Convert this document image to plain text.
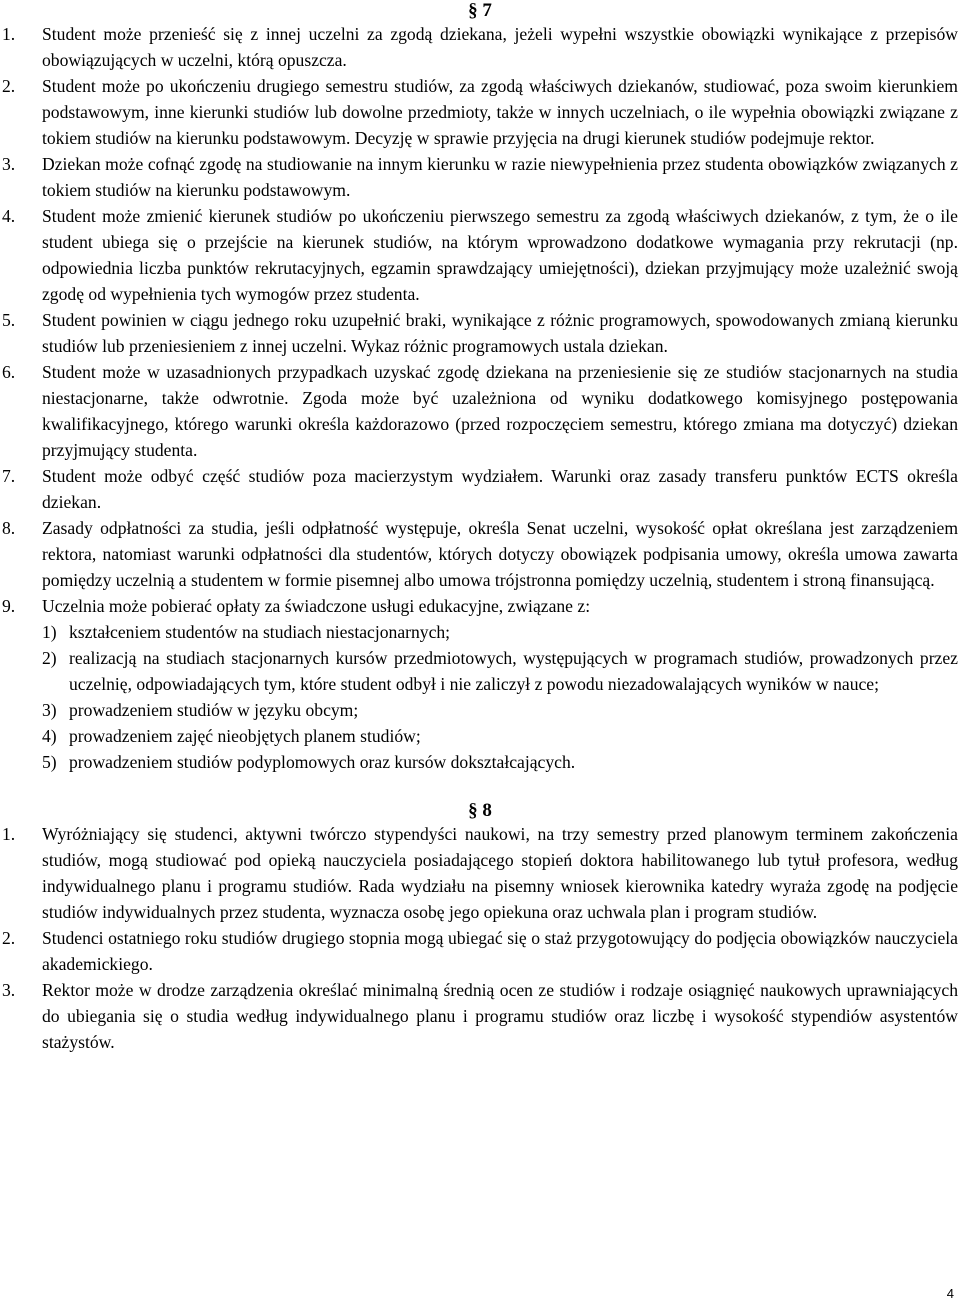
§ 7
1. Student może przenieść się z innej uczelni za zgodą dziekana, jeżeli wypełni wszystkie obowiązki wynikające z przepisów obowiązujących w uczelni, którą opuszcza.
2. Student może po ukończeniu drugiego semestru studiów, za zgodą właściwych dziekanów, studiować, poza swoim kierunkiem podstawowym, inne kierunki studiów lub dowolne przedmioty, także w innych uczelniach, o ile wypełnia obowiązki związane z tokiem studiów na kierunku podstawowym. Decyzję w sprawie przyjęcia na drugi kierunek studiów podejmuje rektor.
3. Dziekan może cofnąć zgodę na studiowanie na innym kierunku w razie niewypełnienia przez studenta obowiązków związanych z tokiem studiów na kierunku podstawowym.
4. Student może zmienić kierunek studiów po ukończeniu pierwszego semestru za zgodą właściwych dziekanów, z tym, że o ile student ubiega się o przejście na kierunek studiów, na którym wprowadzono dodatkowe wymagania przy rekrutacji (np. odpowiednia liczba punktów rekrutacyjnych, egzamin sprawdzający umiejętności), dziekan przyjmujący może uzależnić swoją zgodę od wypełnienia tych wymogów przez studenta.
5. Student powinien w ciągu jednego roku uzupełnić braki, wynikające z różnic programowych, spowodowanych zmianą kierunku studiów lub przeniesieniem z innej uczelni. Wykaz różnic programowych ustala dziekan.
6. Student może w uzasadnionych przypadkach uzyskać zgodę dziekana na przeniesienie się ze studiów stacjonarnych na studia niestacjonarne, także odwrotnie. Zgoda może być uzależniona od wyniku dodatkowego komisyjnego postępowania kwalifikacyjnego, którego warunki określa każdorazowo (przed rozpoczęciem semestru, którego zmiana ma dotyczyć) dziekan przyjmujący studenta.
7. Student może odbyć część studiów poza macierzystym wydziałem. Warunki oraz zasady transferu punktów ECTS określa dziekan.
8. Zasady odpłatności za studia, jeśli odpłatność występuje, określa Senat uczelni, wysokość opłat określana jest zarządzeniem rektora, natomiast warunki odpłatności dla studentów, których dotyczy obowiązek podpisania umowy, określa umowa zawarta pomiędzy uczelnią a studentem w formie pisemnej albo umowa trójstronna pomiędzy uczelnią, studentem i stroną finansującą.
9. Uczelnia może pobierać opłaty za świadczone usługi edukacyjne, związane z:
1) kształceniem studentów na studiach niestacjonarnych;
2) realizacją na studiach stacjonarnych kursów przedmiotowych, występujących w programach studiów, prowadzonych przez uczelnię, odpowiadających tym, które student odbył i nie zaliczył z powodu niezadowalających wyników w nauce;
3) prowadzeniem studiów w języku obcym;
4) prowadzeniem zajęć nieobjętych planem studiów;
5) prowadzeniem studiów podyplomowych oraz kursów dokształcających.
§ 8
1. Wyróżniający się studenci, aktywni twórczo stypendyści naukowi, na trzy semestry przed planowym terminem zakończenia studiów, mogą studiować pod opieką nauczyciela posiadającego stopień doktora habilitowanego lub tytuł profesora, według indywidualnego planu i programu studiów. Rada wydziału na pisemny wniosek kierownika katedry wyraża zgodę na podjęcie studiów indywidualnych przez studenta, wyznacza osobę jego opiekuna oraz uchwala plan i program studiów.
2. Studenci ostatniego roku studiów drugiego stopnia mogą ubiegać się o staż przygotowujący do podjęcia obowiązków nauczyciela akademickiego.
3. Rektor może w drodze zarządzenia określać minimalną średnią ocen ze studiów i rodzaje osiągnięć naukowych uprawniających do ubiegania się o studia według indywidualnego planu i programu studiów oraz liczbę i wysokość stypendiów asystentów stażystów.
4
